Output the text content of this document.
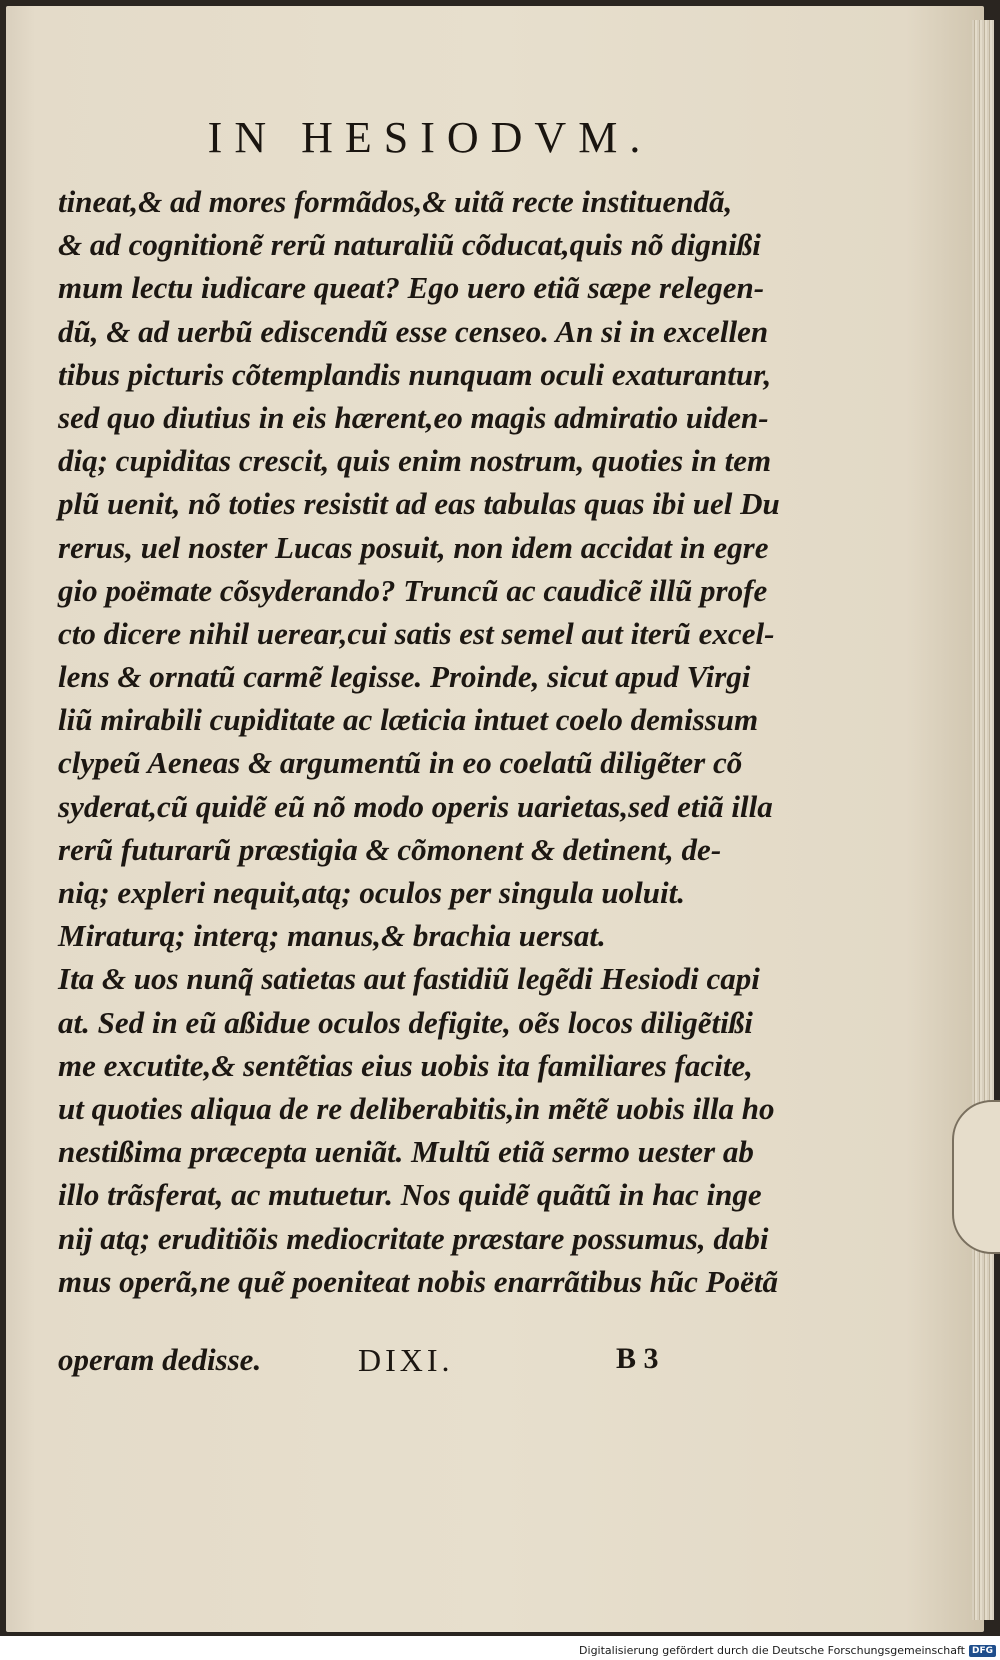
IN HESIODVM.
tineat,& ad mores formãdos,& uitã recte instituendã,
& ad cognitionẽ rerũ naturaliũ cõducat,quis nõ dignißi
mum lectu iudicare queat? Ego uero etiã sæpe relegen-
dũ, & ad uerbũ ediscendũ esse censeo. An si in excellen
tibus picturis cõtemplandis nunquam oculi exaturantur,
sed quo diutius in eis hærent,eo magis admiratio uiden-
dią; cupiditas crescit, quis enim nostrum, quoties in tem
plũ uenit, nõ toties resistit ad eas tabulas quas ibi uel Du
rerus, uel noster Lucas posuit, non idem accidat in egre
gio poëmate cõsyderando? Truncũ ac caudicẽ illũ profe
cto dicere nihil uerear,cui satis est semel aut iterũ excel-
lens & ornatũ carmẽ legisse. Proinde, sicut apud Virgi
liũ mirabili cupiditate ac læticia intuet coelo demissum
clypeũ Aeneas & argumentũ in eo coelatũ diligẽter cõ
syderat,cũ quidẽ eũ nõ modo operis uarietas,sed etiã illa
rerũ futurarũ præstigia & cõmonent & detinent, de-
nią; expleri nequit,atą; oculos per singula uoluit.
Miraturą; interą; manus,& brachia uersat.
Ita & uos nunq̃ satietas aut fastidiũ legẽdi Hesiodi capi
at. Sed in eũ aßidue oculos defigite, oẽs locos diligẽtißi
me excutite,& sentẽtias eius uobis ita familiares facite,
ut quoties aliqua de re deliberabitis,in mẽtẽ uobis illa ho
nestißima præcepta ueniãt. Multũ etiã sermo uester ab
illo trãsferat, ac mutuetur. Nos quidẽ quãtũ in hac inge
nij atą; eruditiõis mediocritate præstare possumus, dabi
mus operã,ne quẽ poeniteat nobis enarrãtibus hũc Poëtã
operam dedisse.	DIXI.	B 3
Digitalisierung gefördert durch die Deutsche Forschungsgemeinschaft DFG
